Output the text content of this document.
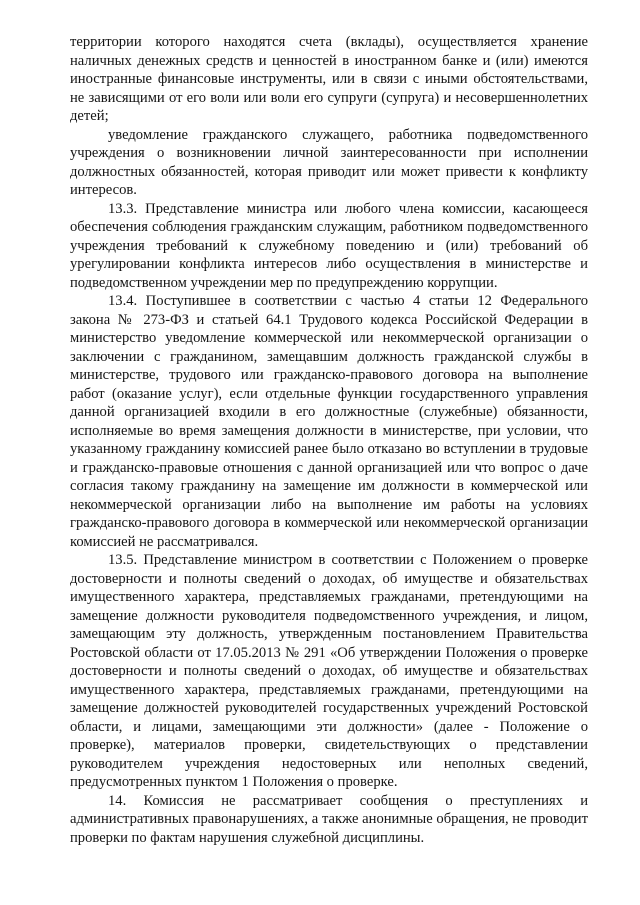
территории которого находятся счета (вклады), осуществляется хранение наличных денежных средств и ценностей в иностранном банке и (или) имеются иностранные финансовые инструменты, или в связи с иными обстоятельствами, не зависящими от его воли или воли его супруги (супруга) и несовершеннолетних детей;

уведомление гражданского служащего, работника подведомственного учреждения о возникновении личной заинтересованности при исполнении должностных обязанностей, которая приводит или может привести к конфликту интересов.

13.3. Представление министра или любого члена комиссии, касающееся обеспечения соблюдения гражданским служащим, работником подведомственного учреждения требований к служебному поведению и (или) требований об урегулировании конфликта интересов либо осуществления в министерстве и подведомственном учреждении мер по предупреждению коррупции.

13.4. Поступившее в соответствии с частью 4 статьи 12 Федерального закона № 273-ФЗ и статьей 64.1 Трудового кодекса Российской Федерации в министерство уведомление коммерческой или некоммерческой организации о заключении с гражданином, замещавшим должность гражданской службы в министерстве, трудового или гражданско-правового договора на выполнение работ (оказание услуг), если отдельные функции государственного управления данной организацией входили в его должностные (служебные) обязанности, исполняемые во время замещения должности в министерстве, при условии, что указанному гражданину комиссией ранее было отказано во вступлении в трудовые и гражданско-правовые отношения с данной организацией или что вопрос о даче согласия такому гражданину на замещение им должности в коммерческой или некоммерческой организации либо на выполнение им работы на условиях гражданско-правового договора в коммерческой или некоммерческой организации комиссией не рассматривался.

13.5. Представление министром в соответствии с Положением о проверке достоверности и полноты сведений о доходах, об имуществе и обязательствах имущественного характера, представляемых гражданами, претендующими на замещение должности руководителя подведомственного учреждения, и лицом, замещающим эту должность, утвержденным постановлением Правительства Ростовской области от 17.05.2013 № 291 «Об утверждении Положения о проверке достоверности и полноты сведений о доходах, об имуществе и обязательствах имущественного характера, представляемых гражданами, претендующими на замещение должностей руководителей государственных учреждений Ростовской области, и лицами, замещающими эти должности» (далее - Положение о проверке), материалов проверки, свидетельствующих о представлении руководителем учреждения недостоверных или неполных сведений, предусмотренных пунктом 1 Положения о проверке.

14. Комиссия не рассматривает сообщения о преступлениях и административных правонарушениях, а также анонимные обращения, не проводит проверки по фактам нарушения служебной дисциплины.
